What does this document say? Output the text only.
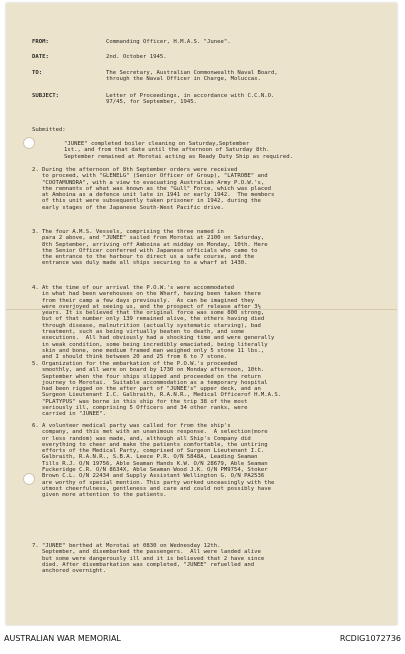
FROM:	Commanding Officer, H.M.A.S. "Junee".

DATE:	2nd. October 1945.

TO:	The Secretary, Australian Commonwealth Naval Board,
through the Naval Officer in Charge, Moluccas.

SUBJECT:	Letter of Proceedings, in accordance with C.C.N.O.
97/45, for September, 1945.

Submitted:

"JUNEE" completed boiler cleaning on Saturday,September
1st., and from that date until the afternoon of Saturday 8th.
September remained at Morotai acting as Ready Duty Ship as required.

2. During the afternoon of 8th September orders were received
to proceed, with "GLENELG" (Senior Officer of Group), "LATROBE" and
"COOTAMUNDRA", with a view to evacuating Australian Army P.O.W.'s,
the remnants of what was known as the "Gull" Force, which was placed
at Amboina as a defence unit late in 1941 or early 1942.  The members
of this unit were subsequently taken prisoner in 1942, during the
early stages of the Japanese South-West Pacific drive.

3. The four A.M.S. Vessels, comprising the three named in
para 2 above, and "JUNEE" sailed from Morotai at 2100 on Saturday,
8th September, arriving off Amboina at midday on Monday, 10th. Here
the Senior Officer conferred with Japanese officials who came to
the entrance to the harbour to direct us a safe course, and the
entrance was duly made all ships securing to a wharf at 1430.

4. At the time of our arrival the P.O.W.'s were accommodated
in what had been warehouses on the Wharf, having been taken there
from their camp a few days previously.  As can be imagined they
were overjoyed at seeing us, and the prospect of release after 3½
years. It is believed that the original force was some 800 strong,
but of that number only 139 remained alive, the others having died
through disease, malnutrition (actually systematic starving), bad
treatment, such as being virtually beaten to death, and some
executions.  All had obviously had a shocking time and were generally
in weak condition, some being incredibly emaciated, being literally
skin and bone, one medium framed man weighed only 5 stone 11 lbs.,
and I should think between 20 and 25 from 6 to 7 stone.

5. Organization for the embarkation of the P.O.W.'s proceeded
smoothly, and all were on board by 1730 on Monday afternoon, 10th.
September when the four ships slipped and proceeded on the return
journey to Morotai.  Suitable accommodation as a temporary hospital
had been rigged on the after part of "JUNEE's" upper deck, and an
Surgeon Lieutenant I.C. Galbraith, R.A.N.R., Medical Officerof H.M.A.S.
"PLATYPUS" was borne in this ship for the trip 38 of the most
seriously ill, comprising 5 Officers and 34 other ranks, were
carried in "JUNEE".

6. A volunteer medical party was called for from the ship's
company, and this met with an unanimous response.  A selection(more
or less random) was made, and, although all Ship's Company did
everything to cheer and make the patients comfortable, the untiring
efforts of the Medical Party, comprised of Surgeon Lieutenant I.C.
Galbraith, R.A.N.R., S.B.A. Leece P.R. O/N 5848A, Leading Seaman
Tills R.J. O/N 19756, Able Seaman Hands K.W. O/N 28679, Able Seaman
Fuckeridge C.R. O/N 8634X, Able Seaman Wood J.K. O/N PM9754, Stoker
Brown C.L. O/N 22434 and Supply Assistant Wellington G. O/N PA2536
are worthy of special mention. This party worked unceasingly with the
utmost cheerfulness, gentleness and care and could not possibly have
given more attention to the patients.

7. "JUNEE" berthed at Morotai at 0830 on Wednesday 12th.
September, and disembarked the passengers.  All were landed alive
but some were dangerously ill and it is believed that 2 have since
died. After disembarkation was completed, "JUNEE" refuelled and
anchored overnight.

AUSTRALIAN WAR MEMORIAL	RCDIG1072736
